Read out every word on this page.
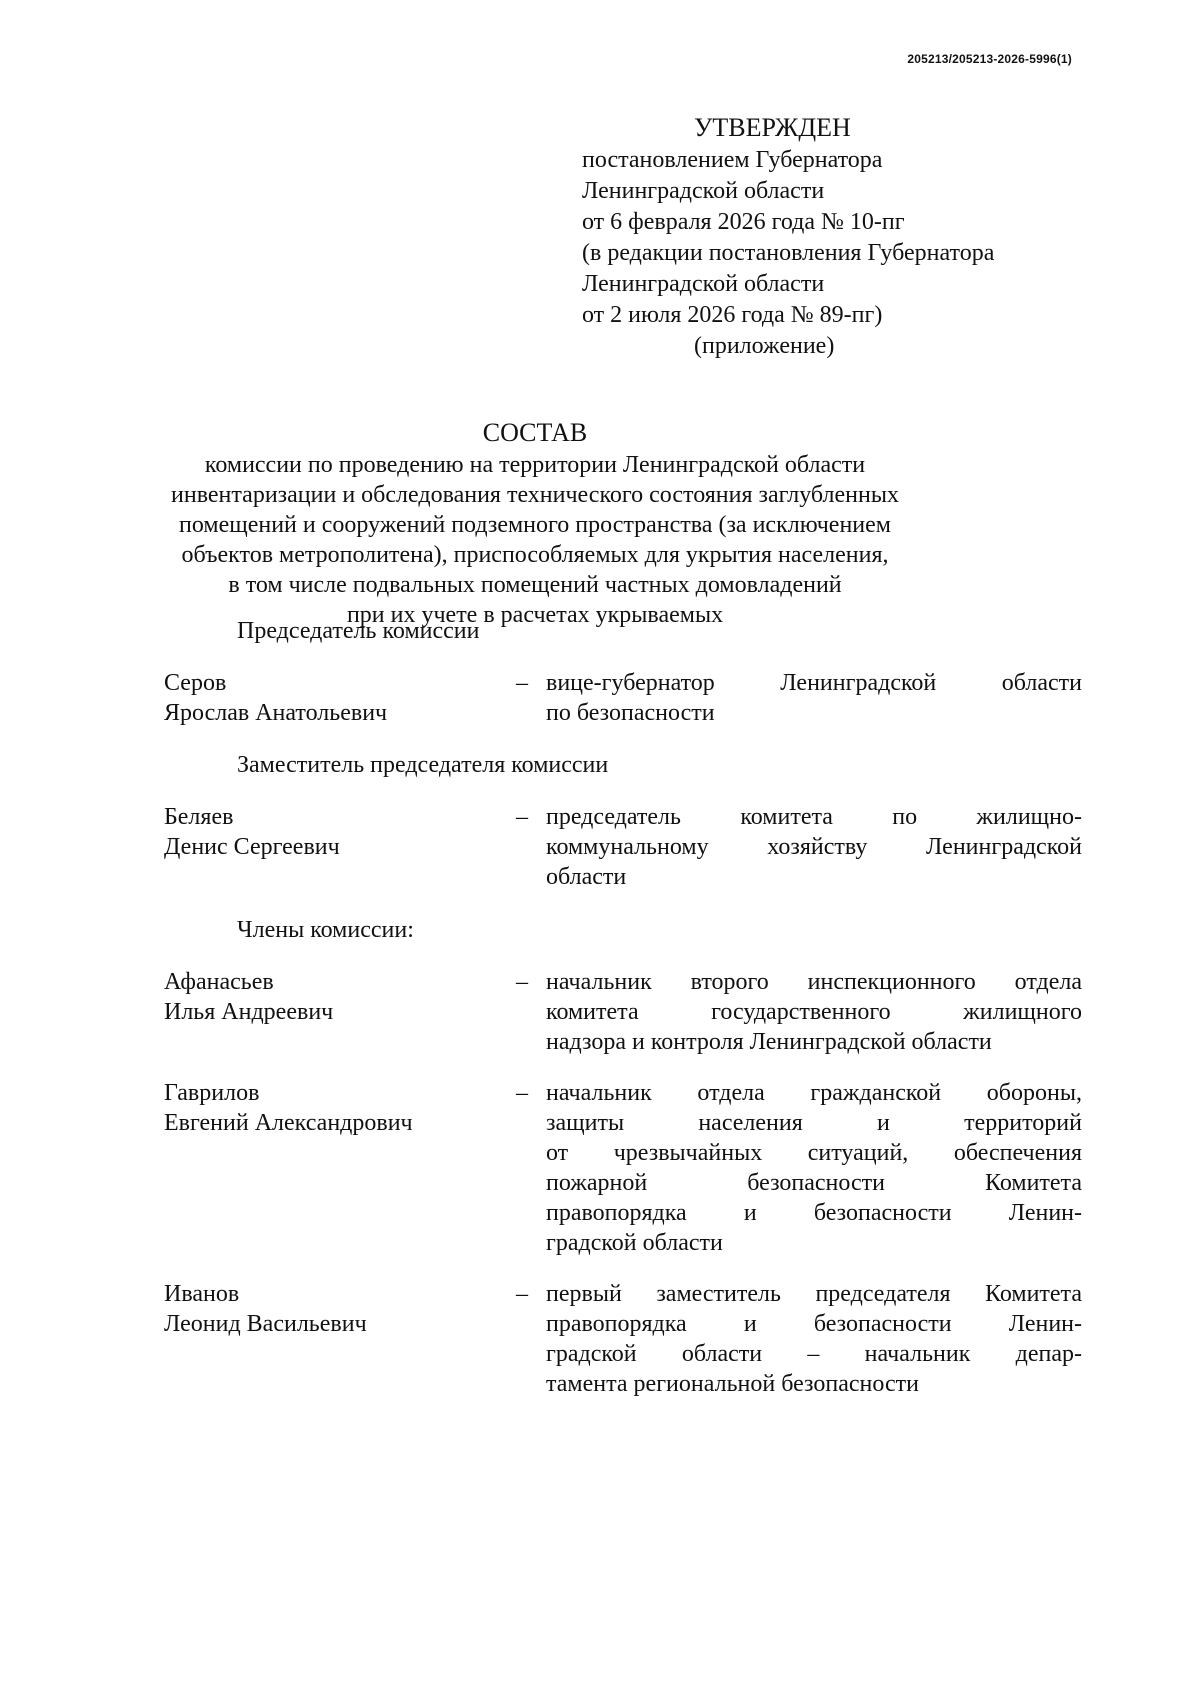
205213/205213-2026-5996(1)
УТВЕРЖДЕН
постановлением Губернатора
Ленинградской области
от 6 февраля 2026 года № 10-пг
(в редакции постановления Губернатора
Ленинградской области
от 2 июля 2026 года № 89-пг)
(приложение)
СОСТАВ
комиссии по проведению на территории Ленинградской области
инвентаризации и обследования технического состояния заглубленных
помещений и сооружений подземного пространства (за исключением
объектов метрополитена), приспособляемых для укрытия населения,
в том числе подвальных помещений частных домовладений
при их учете в расчетах укрываемых
Председатель комиссии
Серов
Ярослав Анатольевич
– вице-губернатор Ленинградской области
по безопасности
Заместитель председателя комиссии
Беляев
Денис Сергеевич
– председатель комитета по жилищно-
коммунальному хозяйству Ленинградской
области
Члены комиссии:
Афанасьев
Илья Андреевич
– начальник второго инспекционного отдела
комитета государственного жилищного
надзора и контроля Ленинградской области
Гаврилов
Евгений Александрович
– начальник отдела гражданской обороны,
защиты населения и территорий
от чрезвычайных ситуаций, обеспечения
пожарной безопасности Комитета
правопорядка и безопасности Ленин-
градской области
Иванов
Леонид Васильевич
– первый заместитель председателя Комитета
правопорядка и безопасности Ленин-
градской области – начальник депар-
тамента региональной безопасности
